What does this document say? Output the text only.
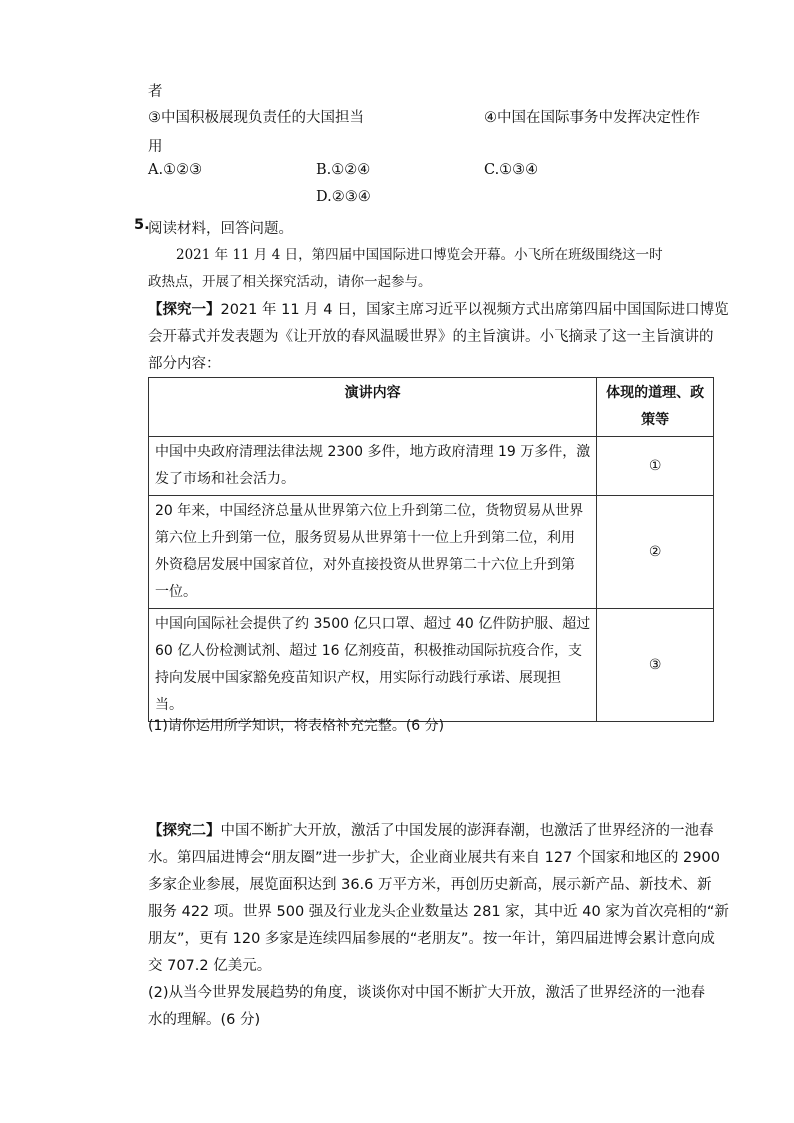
者
③中国积极展现负责任的大国担当	④中国在国际事务中发挥决定性作
用
A.①②③	B.①②④	C.①③④
D.②③④
5.
阅读材料，回答问题。

2021 年 11 月 4 日，第四届中国国际进口博览会开幕。小飞所在班级围绕这一时

政热点，开展了相关探究活动，请你一起参与。

【探究一】2021 年 11 月 4 日，国家主席习近平以视频方式出席第四届中国国际进口博览

会开幕式并发表题为《让开放的春风温暖世界》的主旨演讲。小飞摘录了这一主旨演讲的

部分内容：

演讲内容	体现的道理、政
策等

中国中央政府清理法律法规 2300 多件，地方政府清理 19 万多件，激
发了市场和社会活力。	①

20 年来，中国经济总量从世界第六位上升到第二位，货物贸易从世界
第六位上升到第一位，服务贸易从世界第十一位上升到第二位，利用
外资稳居发展中国家首位，对外直接投资从世界第二十六位上升到第
一位。	②

中国向国际社会提供了约 3500 亿只口罩、超过 40 亿件防护服、超过
60 亿人份检测试剂、超过 16 亿剂疫苗，积极推动国际抗疫合作，支
持向发展中国家豁免疫苗知识产权，用实际行动践行承诺、展现担
当。	③
(1)请你运用所学知识，将表格补充完整。(6 分)

【探究二】中国不断扩大开放，激活了中国发展的澎湃春潮，也激活了世界经济的一池春

水。第四届进博会“朋友圈”进一步扩大，企业商业展共有来自 127 个国家和地区的 2900

多家企业参展，展览面积达到 36.6 万平方米，再创历史新高，展示新产品、新技术、新

服务 422 项。世界 500 强及行业龙头企业数量达 281 家，其中近 40 家为首次亮相的“新

朋友”，更有 120 多家是连续四届参展的“老朋友”。按一年计，第四届进博会累计意向成

交 707.2 亿美元。

(2)从当今世界发展趋势的角度，谈谈你对中国不断扩大开放，激活了世界经济的一池春

水的理解。(6 分)
